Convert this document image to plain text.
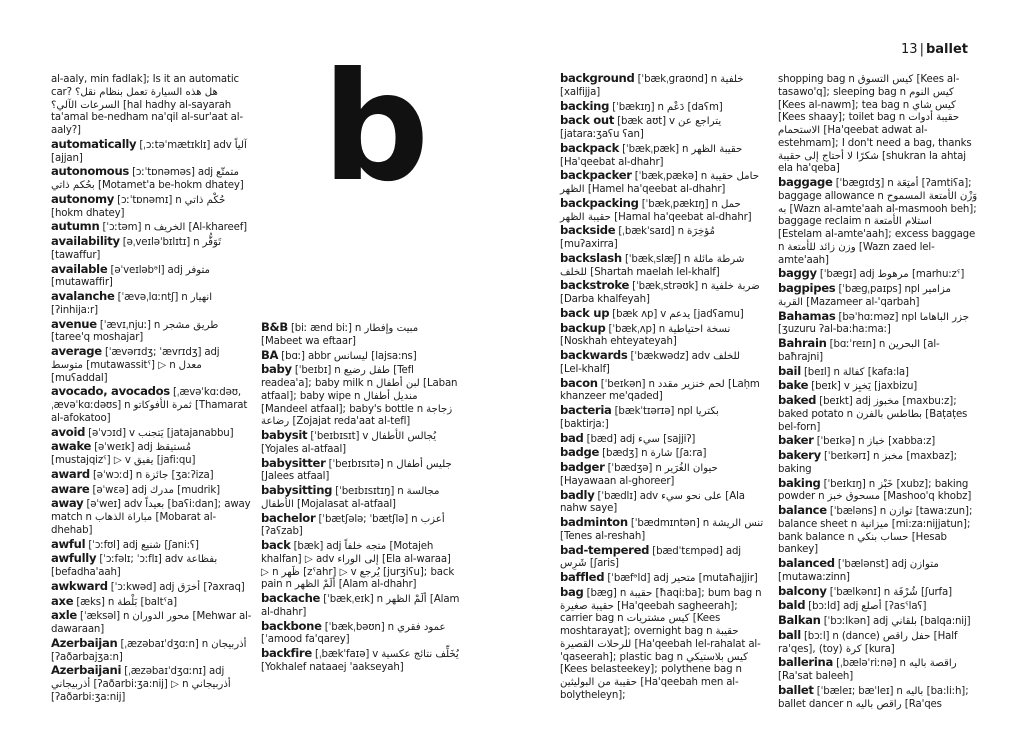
13 | ballet
b
al-aaly, min fadlak]; Is it an automatic car? هل هذه السيارة تعمل بنظام نقل؟ السرعات الآلي؟ [hal hadhy al-sayarah ta'amal be-nedham na'qil al-sur'aat al-aaly?]
automatically [ˌɔːtəˈmætɪklɪ] adv آلياً [ajjan]
autonomous [ɔːˈtɒnəməs] adj متمتّع بحُكم ذاتي [Motamet'a be-hokm dhatey]
autonomy [ɔːˈtɒnəmɪ] n حُكْم ذاتي [hokm dhatey]
autumn [ˈɔːtəm] n الخريف [Al-khareef]
availability [əˌveɪləˈbɪlɪtɪ] n تَوَفُّر [tawaffur]
available [əˈveɪləbᵊl] adj متوفر [mutawaffir]
avalanche [ˈævəˌlɑːntʃ] n انهيار [ʔinhija:r]
avenue [ˈævɪˌnjuː] n طريق مشجر [taree'q moshajar]
average [ˈævərɪdʒ; ˈævrɪdʒ] adj متوسط [mutawassitˤ] ▷ n معدل [muʕaddal]
avocado, avocados [ˌævəˈkɑːdəʊ, ˌævəˈkɑːdəʊs] n ثمرة الأفوكاتو [Thamarat al-afokatoo]
avoid [əˈvɔɪd] v يَتجنب [jatajanabbu]
awake [əˈweɪk] adj مُستيقظ [mustajqizˤ] ▷ v يفيق [jafi:qu]
award [əˈwɔːd] n جائزة [ʒaːʔiza]
aware [əˈwɛə] adj مدرك [mudrik]
away [əˈweɪ] adv بعيداً [baʕi:dan]; away match n مباراة الذهاب [Mobarat al-dhehab]
awful [ˈɔːfʊl] adj شنيع [ʃani:ʕ]
awfully [ˈɔːfəlɪ; ˈɔːflɪ] adv بفظاعة [befadha'aah]
awkward [ˈɔːkwəd] adj أخرَق [ʔaxraq]
axe [æks] n بَلْطة [baltˤa]
axle [ˈæksəl] n محور الدوران [Mehwar al-dawaraan]
Azerbaijan [ˌæzəbaɪˈdʒɑːn] n أذربيجان [ʔaðarbajʒa:n]
Azerbaijani [ˌæzəbaɪˈdʒɑːnɪ] adj أذربيجاني [ʔaðarbi:ʒa:nij] ▷ n أذربيجاني [ʔaðarbi:ʒa:nij]
B&B [biː ænd biː] n مبيت وإفطار [Mabeet wa eftaar]
BA [bɑː] abbr ليسانس [lajsa:ns]
baby [ˈbeɪbɪ] n طفل رضيع [Tefl readea'a]; baby milk n لبن أطفال [Laban atfaal]; baby wipe n منديل أطفال [Mandeel atfaal]; baby's bottle n زجاجة رضاعة [Zojajat reda'aat al-tefl]
babysit [ˈbeɪbɪsɪt] v يُجالس الأطفال [Yojales al-atfaal]
babysitter [ˈbeɪbɪsɪtə] n جليس أطفال [Jalees atfaal]
babysitting [ˈbeɪbɪsɪtɪŋ] n مجالسة الأطفال [Mojalasat al-atfaal]
bachelor [ˈbætʃələ; ˈbætʃlə] n أعزب [ʔaʕzab]
back [bæk] adj متجه خلفاً [Motajeh khalfan] ▷ adv إلى الوراء [Ela al-waraa] ▷ n ظَهر [zˤahr] ▷ v يُرجع [jurʒiʕu]; back pain n ألَمْ الظهر [Alam al-dhahr]
backache [ˈbækˌeɪk] n ألَمْ الظهر [Alam al-dhahr]
backbone [ˈbækˌbəʊn] n عمود فقري [ˈamood fa'qarey]
backfire [ˌbækˈfaɪə] v يُخَلِّف نتائج عكسية [Yokhalef nataaej 'aakseyah]
background [ˈbækˌɡraʊnd] n خلفية [xalfijja]
backing [ˈbækɪŋ] n دَعْم [daʕm]
back out [bæk aʊt] v يتراجع عن [jataraːʒaʕu ʕan]
backpack [ˈbækˌpæk] n حقيبة الظهر [Ha'qeebat al-dhahr]
backpacker [ˈbækˌpækə] n حامل حقيبة الظهر [Hamel ha'qeebat al-dhahr]
backpacking [ˈbækˌpækɪŋ] n حمل حقيبة الظهر [Hamal ha'qeebat al-dhahr]
backside [ˌbækˈsaɪd] n مُؤخِرَة [muʔaxirra]
backslash [ˈbækˌslæʃ] n شرطة مائلة للخلف [Shartah maelah lel-khalf]
backstroke [ˈbækˌstrəʊk] n ضربة خلفية [Darba khalfeyah]
back up [bæk ʌp] v يدعم [jadʕamu]
backup [ˈbækˌʌp] n نسخة احتياطية [Noskhah ehteyateyah]
backwards [ˈbækwədz] adv للخلف [Lel-khalf]
bacon [ˈbeɪkən] n لحم خنزير مقدد [Laḥm khanzeer me'qaded]
bacteria [bækˈtɪərɪə] npl بكتريا [baktirja:]
bad [bæd] adj سيء [sajjiʔ]
badge [bædʒ] n شارة [ʃaːra]
badger [ˈbædʒə] n حيوان الغُرَير [Hayawaan al-ghoreer]
badly [ˈbædlɪ] adv على نحو سيء [Ala nahw saye]
badminton [ˈbædmɪntən] n تنس الريشة [Tenes al-reshah]
bad-tempered [bædˈtɛmpəd] adj شَرِس [ʃaris]
baffled [ˈbæfᵊld] adj متحير [mutaħajjir]
bag [bæɡ] n حقيبة [ħaqi:ba]; bum bag n حقيبة صغيرة [Ha'qeebah sagheerah]; carrier bag n كيس مشتريات [Kees moshtarayat]; overnight bag n حقيبة للرحلات القصيرة [Ha'qeebah lel-rahalat al-'qaseerah]; plastic bag n كيس بلاستيكي [Kees belasteekey]; polythene bag n حقيبة من البوليثين [Ha'qeebah men al-bolytheleyn];
shopping bag n كيس التسوق [Kees al-tasawo'q]; sleeping bag n كيس النوم [Kees al-nawm]; tea bag n كيس شاي [Kees shaay]; toilet bag n حقيبة أدوات الاستحمام [Ha'qeebat adwat al-estehmam]; I don't need a bag, thanks شكرًا لا أحتاج إلى حقيبة [shukran la ahtaj ela ha'qeba]
baggage [ˈbæɡɪdʒ] n أمتِعَة [ʔamtiʕa]; baggage allowance n وَزْن الأمتعة المسموح به [Wazn al-amte'aah al-masmooh beh]; baggage reclaim n استلام الأمتعة [Estelam al-amte'aah]; excess baggage n وزن زائد للأمتعة [Wazn zaed lel-amte'aah]
baggy [ˈbæɡɪ] adj مرهوط [marhu:zˤ]
bagpipes [ˈbæɡˌpaɪps] npl مزامير القربة [Mazameer al-'qarbah]
Bahamas [bəˈhɑːməz] npl جزر الباهاما [ʒuzuru ʔal-ba:ha:ma:]
Bahrain [bɑːˈreɪn] n البحرين [al-baħrajni]
bail [beɪl] n كفالة [kafa:la]
bake [beɪk] v يَخبِز [jaxbizu]
baked [beɪkt] adj مخبوز [maxbu:z]; baked potato n بطاطس بالفرن [Baṭaṭes bel-forn]
baker [ˈbeɪkə] n خباز [xabba:z]
bakery [ˈbeɪkərɪ] n مخبز [maxbaz]; baking
baking [ˈbeɪkɪŋ] n خَبْز [xubz]; baking powder n مسحوق خبز [Mashoo'q khobz]
balance [ˈbæləns] n توازن [tawa:zun]; balance sheet n ميزانية [mi:za:nijjatun]; bank balance n حساب بنكي [Hesab bankey]
balanced [ˈbælənst] adj متوازن [mutawa:zinn]
balcony [ˈbælkənɪ] n شُرْفَة [ʃurfa]
bald [bɔːld] adj أصلع [ʔasˤlaʕ]
Balkan [ˈbɔːlkən] adj بلقاني [balqa:nij]
ball [bɔːl] n (dance) حفل راقص [Half ra'qes], (toy) كرة [kura]
ballerina [ˌbæləˈriːnə] n راقصة باليه [Ra'sat baleeh]
ballet [ˈbæleɪ; bæˈleɪ] n باليه [ba:li:h]; ballet dancer n راقص باليه [Ra'qes
